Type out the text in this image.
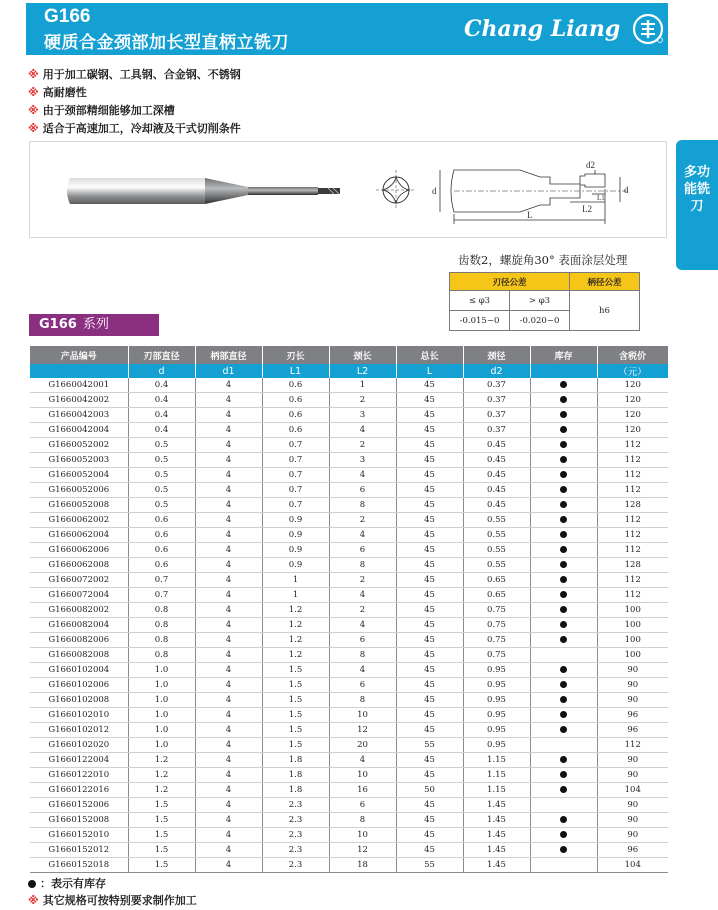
G166
硬质合金颈部加长型直柄立铣刀
Chang Liang
※ 用于加工碳钢、工具钢、合金钢、不锈钢
※ 高耐磨性
※ 由于颈部精细能够加工深槽
※ 适合于高速加工，冷却液及干式切削条件
d
d2
d
L
L2
L1
多功能铣刀
齿数2，螺旋角30° 表面涂层处理
刃径公差		柄径公差
≤ φ3	> φ3	h6
-0.015~0	-0.020~0	
G166 系列
产品编号	刃部直径	柄部直径	刃长	颈长	总长	颈径	库存	含税价
	d	d1	L1	L2	L	d2		（元）
G1660042001	0.4	4	0.6	1	45	0.37		120
G1660042002	0.4	4	0.6	2	45	0.37		120
G1660042003	0.4	4	0.6	3	45	0.37		120
G1660042004	0.4	4	0.6	4	45	0.37		120
G1660052002	0.5	4	0.7	2	45	0.45		112
G1660052003	0.5	4	0.7	3	45	0.45		112
G1660052004	0.5	4	0.7	4	45	0.45		112
G1660052006	0.5	4	0.7	6	45	0.45		112
G1660052008	0.5	4	0.7	8	45	0.45		128
G1660062002	0.6	4	0.9	2	45	0.55		112
G1660062004	0.6	4	0.9	4	45	0.55		112
G1660062006	0.6	4	0.9	6	45	0.55		112
G1660062008	0.6	4	0.9	8	45	0.55		128
G1660072002	0.7	4	1	2	45	0.65		112
G1660072004	0.7	4	1	4	45	0.65		112
G1660082002	0.8	4	1.2	2	45	0.75		100
G1660082004	0.8	4	1.2	4	45	0.75		100
G1660082006	0.8	4	1.2	6	45	0.75		100
G1660082008	0.8	4	1.2	8	45	0.75		100
G1660102004	1.0	4	1.5	4	45	0.95		90
G1660102006	1.0	4	1.5	6	45	0.95		90
G1660102008	1.0	4	1.5	8	45	0.95		90
G1660102010	1.0	4	1.5	10	45	0.95		96
G1660102012	1.0	4	1.5	12	45	0.95		96
G1660102020	1.0	4	1.5	20	55	0.95		112
G1660122004	1.2	4	1.8	4	45	1.15		90
G1660122010	1.2	4	1.8	10	45	1.15		90
G1660122016	1.2	4	1.8	16	50	1.15		104
G1660152006	1.5	4	2.3	6	45	1.45		90
G1660152008	1.5	4	2.3	8	45	1.45		90
G1660152010	1.5	4	2.3	10	45	1.45		90
G1660152012	1.5	4	2.3	12	45	1.45		96
G1660152018	1.5	4	2.3	18	55	1.45		104
：表示有库存
※ 其它规格可按特别要求制作加工
